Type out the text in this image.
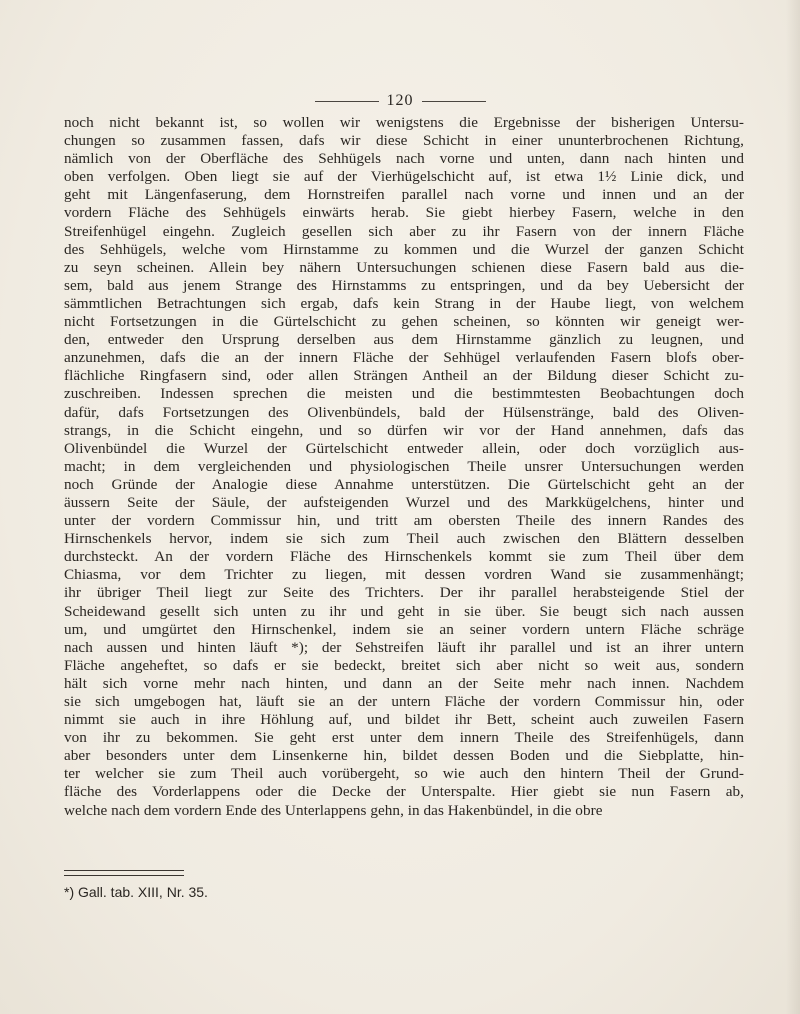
120
noch nicht bekannt ist, so wollen wir wenigstens die Ergebnisse der bisherigen Untersu-
chungen so zusammen fassen, dafs wir diese Schicht in einer ununterbrochenen Richtung,
nämlich von der Oberfläche des Sehhügels nach vorne und unten, dann nach hinten und
oben verfolgen. Oben liegt sie auf der Vierhügelschicht auf, ist etwa 1½ Linie dick, und
geht mit Längenfaserung, dem Hornstreifen parallel nach vorne und innen und an der
vordern Fläche des Sehhügels einwärts herab. Sie giebt hierbey Fasern, welche in den
Streifenhügel eingehn. Zugleich gesellen sich aber zu ihr Fasern von der innern Fläche
des Sehhügels, welche vom Hirnstamme zu kommen und die Wurzel der ganzen Schicht
zu seyn scheinen. Allein bey nähern Untersuchungen schienen diese Fasern bald aus die-
sem, bald aus jenem Strange des Hirnstamms zu entspringen, und da bey Uebersicht der
sämmtlichen Betrachtungen sich ergab, dafs kein Strang in der Haube liegt, von welchem
nicht Fortsetzungen in die Gürtelschicht zu gehen scheinen, so könnten wir geneigt wer-
den, entweder den Ursprung derselben aus dem Hirnstamme gänzlich zu leugnen, und
anzunehmen, dafs die an der innern Fläche der Sehhügel verlaufenden Fasern blofs ober-
flächliche Ringfasern sind, oder allen Strängen Antheil an der Bildung dieser Schicht zu-
zuschreiben. Indessen sprechen die meisten und die bestimmtesten Beobachtungen doch
dafür, dafs Fortsetzungen des Olivenbündels, bald der Hülsenstränge, bald des Oliven-
strangs, in die Schicht eingehn, und so dürfen wir vor der Hand annehmen, dafs das
Olivenbündel die Wurzel der Gürtelschicht entweder allein, oder doch vorzüglich aus-
macht; in dem vergleichenden und physiologischen Theile unsrer Untersuchungen werden
noch Gründe der Analogie diese Annahme unterstützen. Die Gürtelschicht geht an der
äussern Seite der Säule, der aufsteigenden Wurzel und des Markkügelchens, hinter und
unter der vordern Commissur hin, und tritt am obersten Theile des innern Randes des
Hirnschenkels hervor, indem sie sich zum Theil auch zwischen den Blättern desselben
durchsteckt. An der vordern Fläche des Hirnschenkels kommt sie zum Theil über dem
Chiasma, vor dem Trichter zu liegen, mit dessen vordren Wand sie zusammenhängt;
ihr übriger Theil liegt zur Seite des Trichters. Der ihr parallel herabsteigende Stiel der
Scheidewand gesellt sich unten zu ihr und geht in sie über. Sie beugt sich nach aussen
um, und umgürtet den Hirnschenkel, indem sie an seiner vordern untern Fläche schräge
nach aussen und hinten läuft *); der Sehstreifen läuft ihr parallel und ist an ihrer untern
Fläche angeheftet, so dafs er sie bedeckt, breitet sich aber nicht so weit aus, sondern
hält sich vorne mehr nach hinten, und dann an der Seite mehr nach innen. Nachdem
sie sich umgebogen hat, läuft sie an der untern Fläche der vordern Commissur hin, oder
nimmt sie auch in ihre Höhlung auf, und bildet ihr Bett, scheint auch zuweilen Fasern
von ihr zu bekommen. Sie geht erst unter dem innern Theile des Streifenhügels, dann
aber besonders unter dem Linsenkerne hin, bildet dessen Boden und die Siebplatte, hin-
ter welcher sie zum Theil auch vorübergeht, so wie auch den hintern Theil der Grund-
fläche des Vorderlappens oder die Decke der Unterspalte. Hier giebt sie nun Fasern ab,
welche nach dem vordern Ende des Unterlappens gehn, in das Hakenbündel, in die obre
*) Gall. tab. XIII, Nr. 35.
